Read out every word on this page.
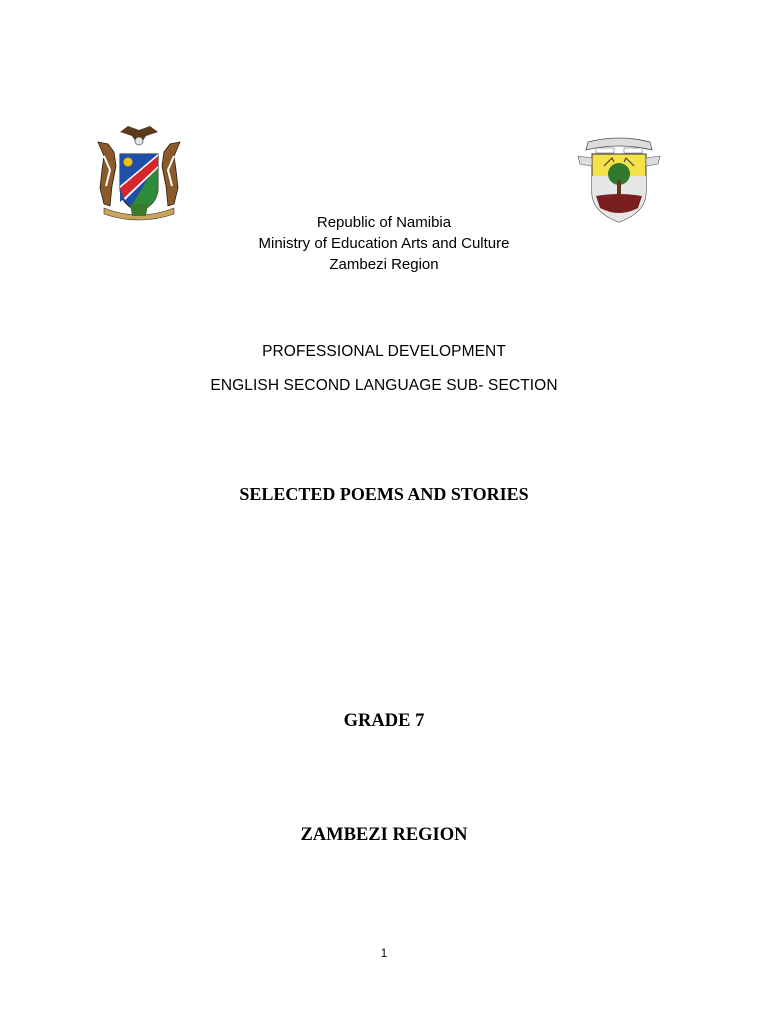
Republic of Namibia
Ministry of Education Arts and Culture
Zambezi Region
PROFESSIONAL DEVELOPMENT
ENGLISH SECOND LANGUAGE SUB- SECTION
SELECTED POEMS AND STORIES
GRADE 7
ZAMBEZI REGION
1
